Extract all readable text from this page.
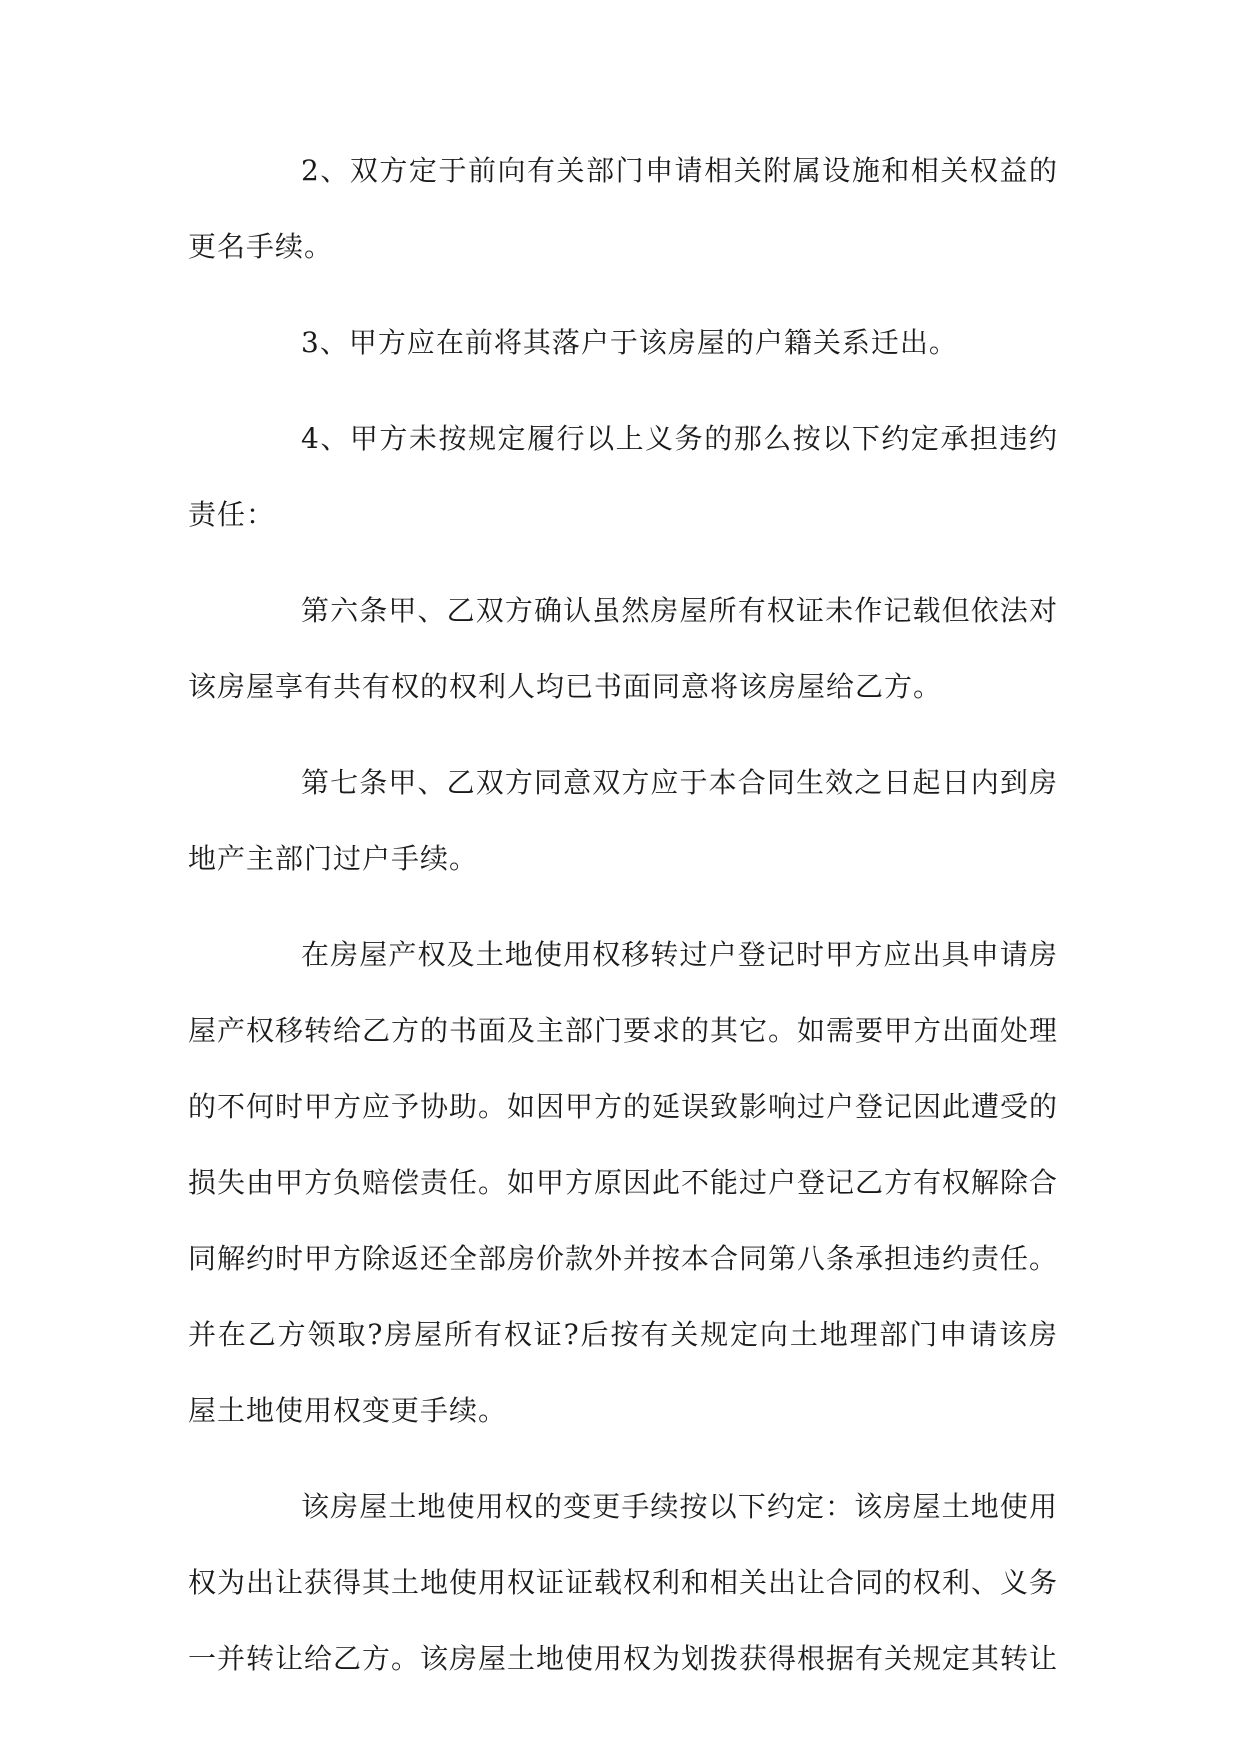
2、双方定于前向有关部门申请相关附属设施和相关权益的更名手续。

3、甲方应在前将其落户于该房屋的户籍关系迁出。

4、甲方未按规定履行以上义务的那么按以下约定承担违约责任：

第六条甲、乙双方确认虽然房屋所有权证未作记载但依法对该房屋享有共有权的权利人均已书面同意将该房屋给乙方。

第七条甲、乙双方同意双方应于本合同生效之日起日内到房地产主部门过户手续。

在房屋产权及土地使用权移转过户登记时甲方应出具申请房屋产权移转给乙方的书面及主部门要求的其它。如需要甲方出面处理的不何时甲方应予协助。如因甲方的延误致影响过户登记因此遭受的损失由甲方负赔偿责任。如甲方原因此不能过户登记乙方有权解除合同解约时甲方除返还全部房价款外并按本合同第八条承担违约责任。并在乙方领取?房屋所有权证?后按有关规定向土地理部门申请该房屋土地使用权变更手续。

该房屋土地使用权的变更手续按以下约定：该房屋土地使用权为出让获得其土地使用权证证载权利和相关出让合同的权利、义务一并转让给乙方。该房屋土地使用权为划拨获得根据有关规定其转让
